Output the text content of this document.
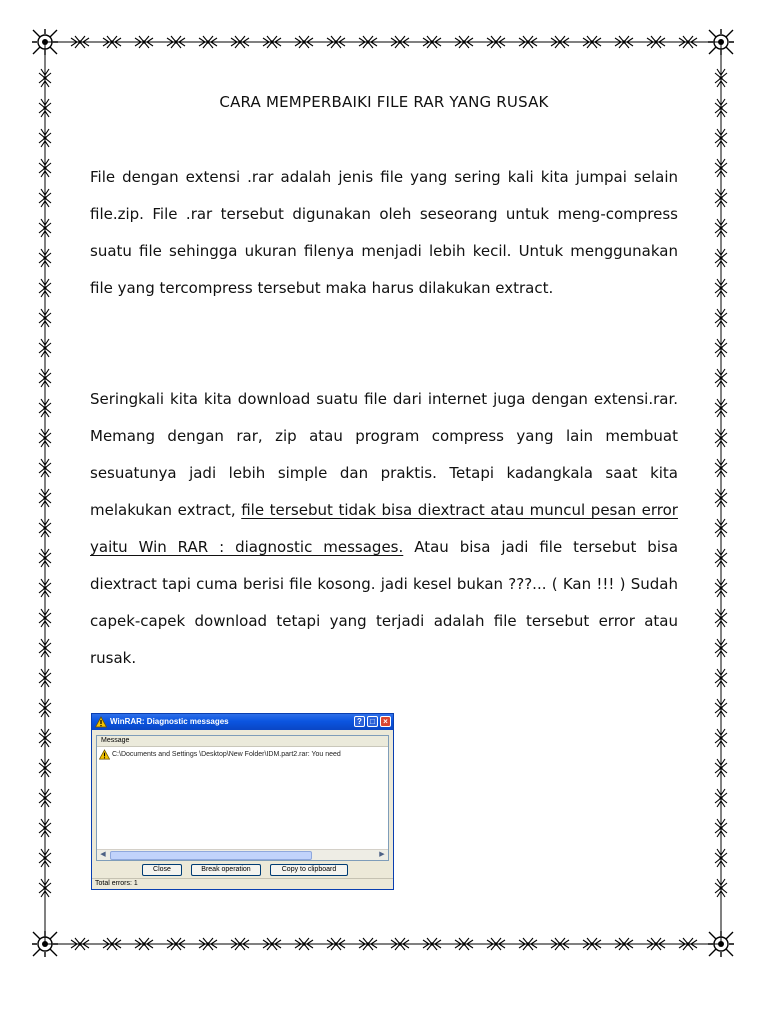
CARA MEMPERBAIKI FILE RAR YANG RUSAK

File dengan extensi .rar adalah jenis file yang sering kali kita jumpai selain file.zip. File .rar tersebut digunakan oleh seseorang untuk meng-compress suatu file sehingga ukuran filenya menjadi lebih kecil. Untuk menggunakan file yang tercompress tersebut maka harus dilakukan extract.

Seringkali kita kita download suatu file dari internet juga dengan extensi.rar. Memang dengan rar, zip atau program compress yang lain membuat sesuatunya jadi lebih simple dan praktis. Tetapi kadangkala saat kita melakukan extract, file tersebut tidak bisa diextract atau muncul pesan error yaitu Win RAR : diagnostic messages. Atau bisa jadi file tersebut bisa diextract tapi cuma berisi file kosong. jadi kesel bukan ???... ( Kan !!! ) Sudah capek-capek download tetapi yang terjadi adalah file tersebut error atau rusak.

WinRAR: Diagnostic messages	?	□	×
Message
C:\Documents and Settings \Desktop\New Folder\IDM.part2.rar: You need
◀	▶
Close	Break operation	Copy to clipboard
Total errors: 1
